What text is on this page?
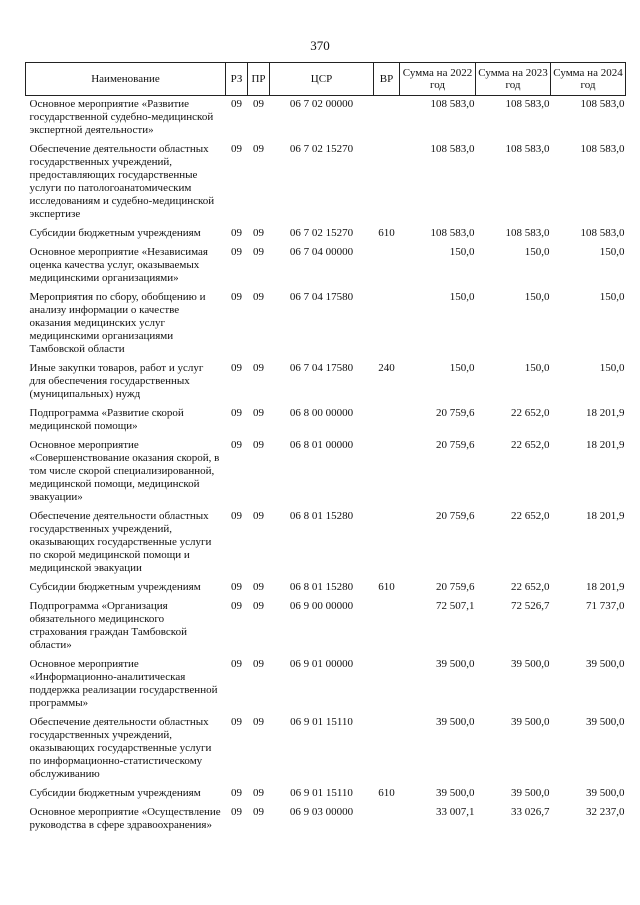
370
Наименование	РЗ	ПР	ЦСР	ВР	Сумма на 2022 год	Сумма на 2023 год	Сумма на 2024 год
Основное мероприятие «Развитие государственной судебно-медицинской экспертной деятельности»	09	09	06 7 02 00000		108 583,0	108 583,0	108 583,0
Обеспечение деятельности областных государственных учреждений, предоставляющих государственные услуги по патологоанатомическим исследованиям и судебно-медицинской экспертизе	09	09	06 7 02 15270		108 583,0	108 583,0	108 583,0
Субсидии бюджетным учреждениям	09	09	06 7 02 15270	610	108 583,0	108 583,0	108 583,0
Основное мероприятие «Независимая оценка качества услуг, оказываемых медицинскими организациями»	09	09	06 7 04 00000		150,0	150,0	150,0
Мероприятия по сбору, обобщению и анализу информации о качестве оказания медицинских услуг медицинскими организациями Тамбовской области	09	09	06 7 04 17580		150,0	150,0	150,0
Иные закупки товаров, работ и услуг для обеспечения государственных (муниципальных) нужд	09	09	06 7 04 17580	240	150,0	150,0	150,0
Подпрограмма «Развитие скорой медицинской помощи»	09	09	06 8 00 00000		20 759,6	22 652,0	18 201,9
Основное мероприятие «Совершенствование оказания скорой, в том числе скорой специализированной, медицинской помощи, медицинской эвакуации»	09	09	06 8 01 00000		20 759,6	22 652,0	18 201,9
Обеспечение деятельности областных государственных учреждений, оказывающих государственные услуги по скорой медицинской помощи и медицинской эвакуации	09	09	06 8 01 15280		20 759,6	22 652,0	18 201,9
Субсидии бюджетным учреждениям	09	09	06 8 01 15280	610	20 759,6	22 652,0	18 201,9
Подпрограмма «Организация обязательного медицинского страхования граждан Тамбовской области»	09	09	06 9 00 00000		72 507,1	72 526,7	71 737,0
Основное мероприятие «Информационно-аналитическая поддержка реализации государственной программы»	09	09	06 9 01 00000		39 500,0	39 500,0	39 500,0
Обеспечение деятельности областных государственных учреждений, оказывающих государственные услуги по информационно-статистическому обслуживанию	09	09	06 9 01 15110		39 500,0	39 500,0	39 500,0
Субсидии бюджетным учреждениям	09	09	06 9 01 15110	610	39 500,0	39 500,0	39 500,0
Основное мероприятие «Осуществление руководства в сфере здравоохранения»	09	09	06 9 03 00000		33 007,1	33 026,7	32 237,0
